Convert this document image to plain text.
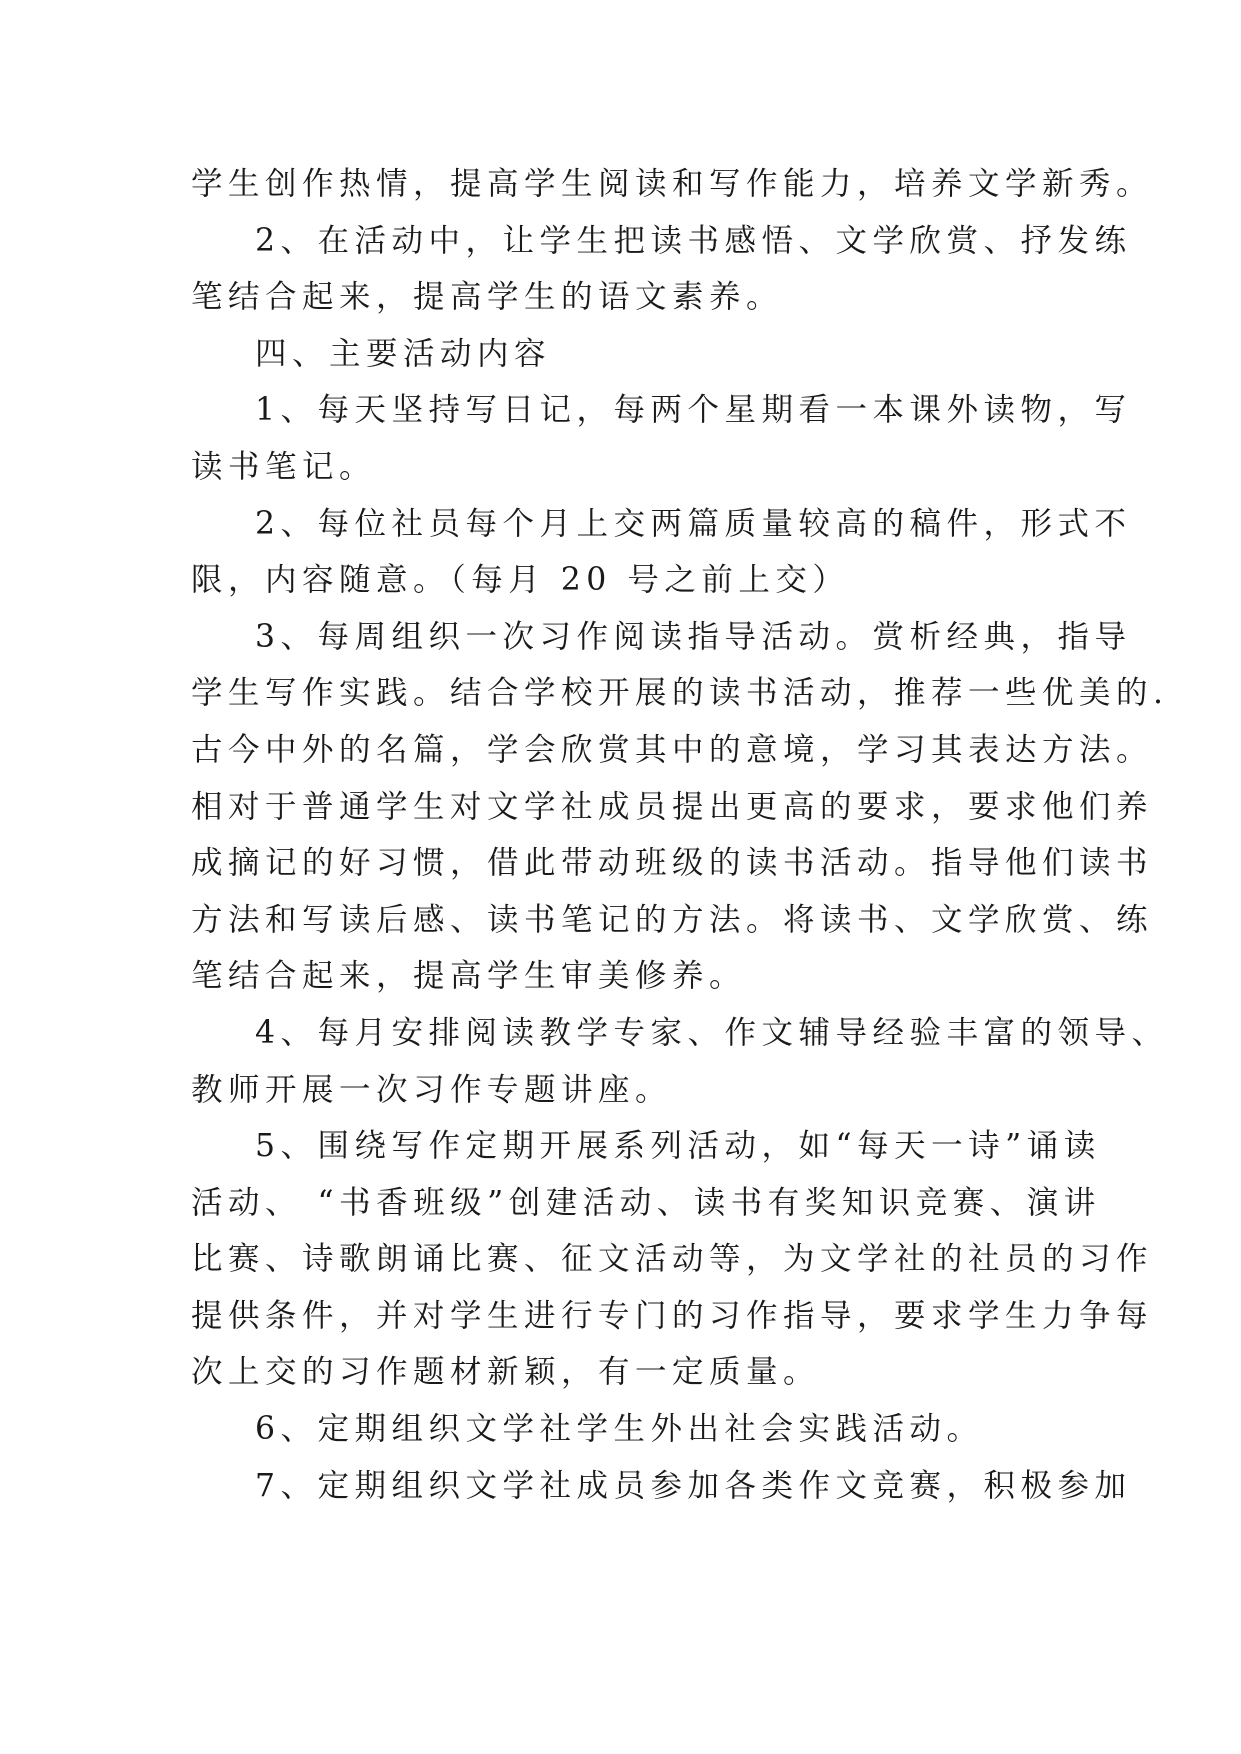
学生创作热情，提高学生阅读和写作能力，培养文学新秀。
2、在活动中，让学生把读书感悟、文学欣赏、抒发练
笔结合起来，提高学生的语文素养。
四、主要活动内容
1、每天坚持写日记，每两个星期看一本课外读物，写
读书笔记。
2、每位社员每个月上交两篇质量较高的稿件，形式不
限，内容随意。（每月 20 号之前上交）
3、每周组织一次习作阅读指导活动。赏析经典，指导
学生写作实践。结合学校开展的读书活动，推荐一些优美的.
古今中外的名篇，学会欣赏其中的意境，学习其表达方法。
相对于普通学生对文学社成员提出更高的要求，要求他们养
成摘记的好习惯，借此带动班级的读书活动。指导他们读书
方法和写读后感、读书笔记的方法。将读书、文学欣赏、练
笔结合起来，提高学生审美修养。
4、每月安排阅读教学专家、作文辅导经验丰富的领导、
教师开展一次习作专题讲座。
5、围绕写作定期开展系列活动，如“每天一诗”诵读
活动、 “书香班级”创建活动、读书有奖知识竞赛、演讲
比赛、诗歌朗诵比赛、征文活动等，为文学社的社员的习作
提供条件，并对学生进行专门的习作指导，要求学生力争每
次上交的习作题材新颖，有一定质量。
6、定期组织文学社学生外出社会实践活动。
7、定期组织文学社成员参加各类作文竞赛，积极参加
